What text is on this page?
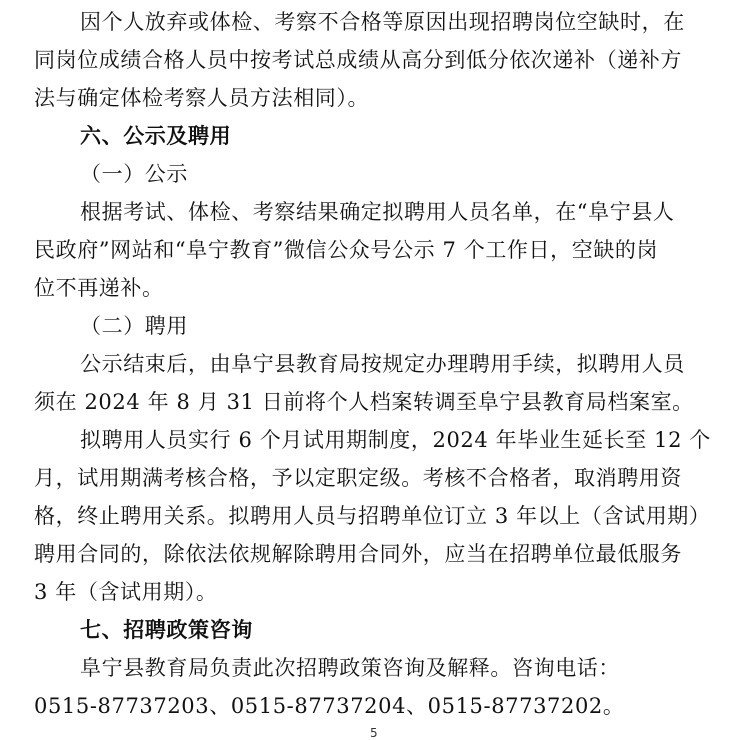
因个人放弃或体检、考察不合格等原因出现招聘岗位空缺时，在
同岗位成绩合格人员中按考试总成绩从高分到低分依次递补（递补方
法与确定体检考察人员方法相同）。
六、公示及聘用
（一）公示
根据考试、体检、考察结果确定拟聘用人员名单，在“阜宁县人
民政府”网站和“阜宁教育”微信公众号公示 7 个工作日，空缺的岗
位不再递补。
（二）聘用
公示结束后，由阜宁县教育局按规定办理聘用手续，拟聘用人员
须在 2024 年 8 月 31 日前将个人档案转调至阜宁县教育局档案室。
拟聘用人员实行 6 个月试用期制度，2024 年毕业生延长至 12 个
月，试用期满考核合格，予以定职定级。考核不合格者，取消聘用资
格，终止聘用关系。拟聘用人员与招聘单位订立 3 年以上（含试用期）
聘用合同的，除依法依规解除聘用合同外，应当在招聘单位最低服务
3 年（含试用期）。
七、招聘政策咨询
阜宁县教育局负责此次招聘政策咨询及解释。咨询电话：
0515-87737203、0515-87737204、0515-87737202。
5
